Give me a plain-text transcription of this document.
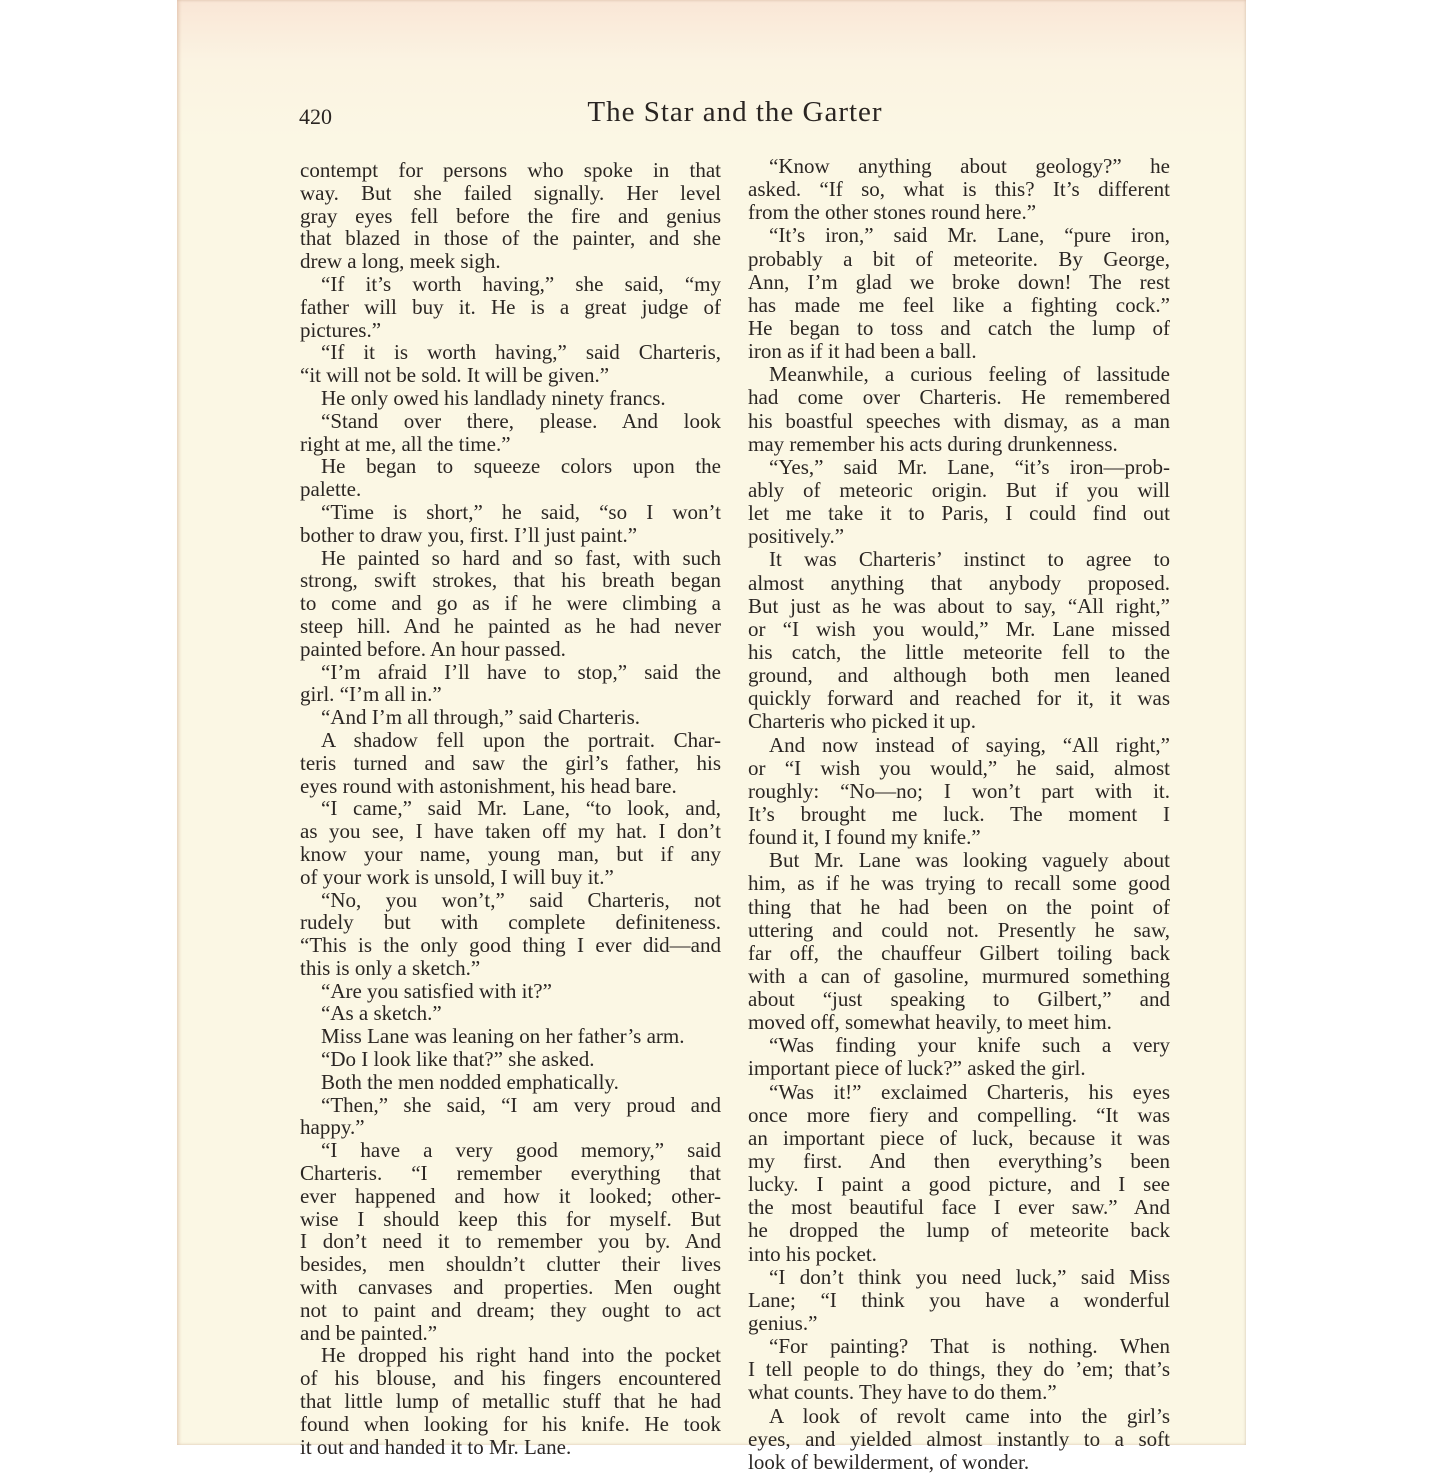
420	The Star and the Garter
contempt for persons who spoke in that
way. But she failed signally. Her level
gray eyes fell before the fire and genius
that blazed in those of the painter, and she
drew a long, meek sigh.
“If it’s worth having,” she said, “my
father will buy it. He is a great judge of
pictures.”
“If it is worth having,” said Charteris,
“it will not be sold. It will be given.”
He only owed his landlady ninety francs.
“Stand over there, please. And look
right at me, all the time.”
He began to squeeze colors upon the
palette.
“Time is short,” he said, “so I won’t
bother to draw you, first. I’ll just paint.”
He painted so hard and so fast, with such
strong, swift strokes, that his breath began
to come and go as if he were climbing a
steep hill. And he painted as he had never
painted before. An hour passed.
“I’m afraid I’ll have to stop,” said the
girl. “I’m all in.”
“And I’m all through,” said Charteris.
A shadow fell upon the portrait. Char-
teris turned and saw the girl’s father, his
eyes round with astonishment, his head bare.
“I came,” said Mr. Lane, “to look, and,
as you see, I have taken off my hat. I don’t
know your name, young man, but if any
of your work is unsold, I will buy it.”
“No, you won’t,” said Charteris, not
rudely but with complete definiteness.
“This is the only good thing I ever did—and
this is only a sketch.”
“Are you satisfied with it?”
“As a sketch.”
Miss Lane was leaning on her father’s arm.
“Do I look like that?” she asked.
Both the men nodded emphatically.
“Then,” she said, “I am very proud and
happy.”
“I have a very good memory,” said
Charteris. “I remember everything that
ever happened and how it looked; other-
wise I should keep this for myself. But
I don’t need it to remember you by. And
besides, men shouldn’t clutter their lives
with canvases and properties. Men ought
not to paint and dream; they ought to act
and be painted.”
He dropped his right hand into the pocket
of his blouse, and his fingers encountered
that little lump of metallic stuff that he had
found when looking for his knife. He took
it out and handed it to Mr. Lane.
“Know anything about geology?” he
asked. “If so, what is this? It’s different
from the other stones round here.”
“It’s iron,” said Mr. Lane, “pure iron,
probably a bit of meteorite. By George,
Ann, I’m glad we broke down! The rest
has made me feel like a fighting cock.”
He began to toss and catch the lump of
iron as if it had been a ball.
Meanwhile, a curious feeling of lassitude
had come over Charteris. He remembered
his boastful speeches with dismay, as a man
may remember his acts during drunkenness.
“Yes,” said Mr. Lane, “it’s iron—prob-
ably of meteoric origin. But if you will
let me take it to Paris, I could find out
positively.”
It was Charteris’ instinct to agree to
almost anything that anybody proposed.
But just as he was about to say, “All right,”
or “I wish you would,” Mr. Lane missed
his catch, the little meteorite fell to the
ground, and although both men leaned
quickly forward and reached for it, it was
Charteris who picked it up.
And now instead of saying, “All right,”
or “I wish you would,” he said, almost
roughly: “No—no; I won’t part with it.
It’s brought me luck. The moment I
found it, I found my knife.”
But Mr. Lane was looking vaguely about
him, as if he was trying to recall some good
thing that he had been on the point of
uttering and could not. Presently he saw,
far off, the chauffeur Gilbert toiling back
with a can of gasoline, murmured something
about “just speaking to Gilbert,” and
moved off, somewhat heavily, to meet him.
“Was finding your knife such a very
important piece of luck?” asked the girl.
“Was it!” exclaimed Charteris, his eyes
once more fiery and compelling. “It was
an important piece of luck, because it was
my first. And then everything’s been
lucky. I paint a good picture, and I see
the most beautiful face I ever saw.” And
he dropped the lump of meteorite back
into his pocket.
“I don’t think you need luck,” said Miss
Lane; “I think you have a wonderful
genius.”
“For painting? That is nothing. When
I tell people to do things, they do ’em; that’s
what counts. They have to do them.”
A look of revolt came into the girl’s
eyes, and yielded almost instantly to a soft
look of bewilderment, of wonder.
